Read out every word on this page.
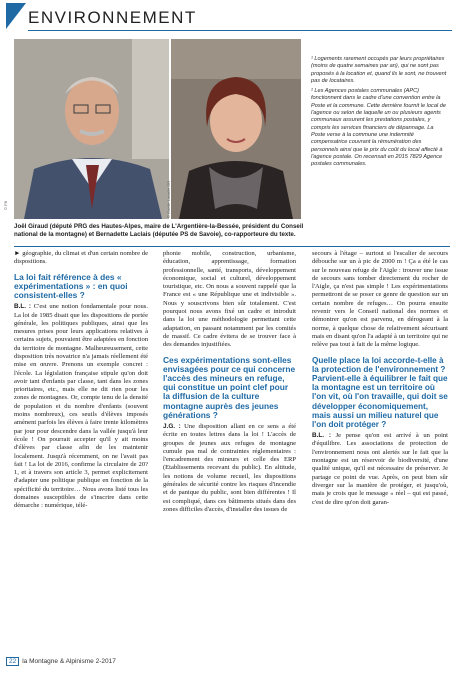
ENVIRONNEMENT
© FB	© Gaelle Lavaille DR

¹ Logements rarement occupés par leurs propriétaires (moins de quatre semaines par an), qui ne sont pas proposés à la location et, quand ils le sont, ne trouvent pas de locataires.

² Les Agences postales communales (APC) fonctionnent dans le cadre d'une convention entre la Poste et la commune. Cette dernière fournit le local de l'agence ou selon de laquelle un ou plusieurs agents communaux assurent les prestations postales, y compris les services financiers de dépannage. La Poste verse à la commune une indemnité compensatrice couvrant la rémunération des personnels ainsi que le prix du coût du local affecté à l'agence postale. On recensait en 2015 7829 Agence postales communales.

Joël Giraud (député PRG des Hautes-Alpes, maire de L'Argentière-la-Bessée, président du Conseil national de la montagne) et Bernadette Laclais (députée PS de Savoie), co-rapporteure du texte.

► géographie, du climat et d'un certain nombre de dispositions.

La loi fait référence à des « expérimentations » : en quoi consistent-elles ?

B.L. : C'est une notion fondamentale pour nous. La loi de 1985 disait que les dispositions de portée générale, les politiques publiques, ainsi que les mesures prises pour leurs applications relatives à certains sujets, pouvaient être adaptées en fonction du territoire de montagne. Malheureusement, cette disposition très novatrice n'a jamais réellement été mise en œuvre. Prenons un exemple concret : l'école. La législation française stipule qu'on doit avoir tant d'enfants par classe, tant dans les zones prioritaires, etc., mais elle ne dit rien pour les zones de montagnes. Or, compte tenu de la densité de population et du nombre d'enfants (souvent moins nombreux), ces seuils d'élèves imposés amènent parfois les élèves à faire trente kilomètres par jour pour descendre dans la vallée jusqu'à leur école ! On pourrait accepter qu'il y ait moins d'élèves par classe afin de les maintenir localement. Jusqu'à récemment, on ne l'avait pas fait ! La loi de 2016, confirme la circulaire de 20?1, et à travers son article 3, permet explicitement d'adapter une politique publique en fonction de la spécificité du territoire… Nous avons listé tous les domaines susceptibles de s'inscrire dans cette démarche : numérique, télé-

phonie mobile, construction, urbanisme, éducation, apprentissage, formation professionnelle, santé, transports, développement économique, social et culturel, développement touristique, etc. On nous a souvent rappelé que la France est « une République une et indivisible ». Nous y souscrivons bien sûr totalement. C'est pourquoi nous avons fixé un cadre et introduit dans la loi une méthodologie permettant cette adaptation, en passant notamment par les comités de massif. Ce cadre évitera de se trouver face à des demandes injustifiées.

Ces expérimentations sont-elles envisagées pour ce qui concerne l'accès des mineurs en refuge, qui constitue un point clef pour la diffusion de la culture montagne auprès des jeunes générations ?

J.G. : Une disposition allant en ce sens a été écrite en toutes lettres dans la loi ! L'accès de groupes de jeunes aux refuges de montagne cumule pas mal de contraintes réglementaires : l'encadrement des mineurs et celle des ERP (Etablissements recevant du public). En altitude, les notions de volume recueil, les dispositions générales de sécurité contre les risques d'incendie et de panique du public, sont bien différentes ! Il est compliqué, dans ces bâtiments situés dans des zones difficiles d'accès, d'installer des issues de

secours à l'étage – surtout si l'escalier de secours débouche sur un à pic de 2000 m ! Ça a été le cas sur le nouveau refuge de l'Aigle : trouver une issue de secours sans tomber directement du rocher de l'Aigle, ça n'est pas simple ! Les expérimentations permettront de se poser ce genre de question sur un certain nombre de refuges… On pourra ensuite revenir vers le Conseil national des normes et démontrer qu'on est parvenu, en dérogeant à la norme, à quelque chose de relativement sécurisant mais en disant qu'on l'a adapté à un territoire qui ne relève pas tout à fait de la même logique.

Quelle place la loi accorde-t-elle à la protection de l'environnement ? Parvient-elle à équilibrer le fait que la montagne est un territoire où l'on vit, où l'on travaille, qui doit se développer économiquement, mais aussi un milieu naturel que l'on doit protéger ?

B.L. : Je pense qu'on est arrivé à un point d'équilibre. Les associations de protection de l'environnement nous ont alertés sur le fait que la montagne est un réservoir de biodiversité, d'une qualité unique, qu'il est nécessaire de préserver. Je partage ce point de vue. Après, on peut bien sûr diverger sur la manière de protéger, et jusqu'où, mais je crois que le message « réel – qui est passé, c'est de dire qu'on doit garan-

22 la Montagne & Alpinisme 2-2017
